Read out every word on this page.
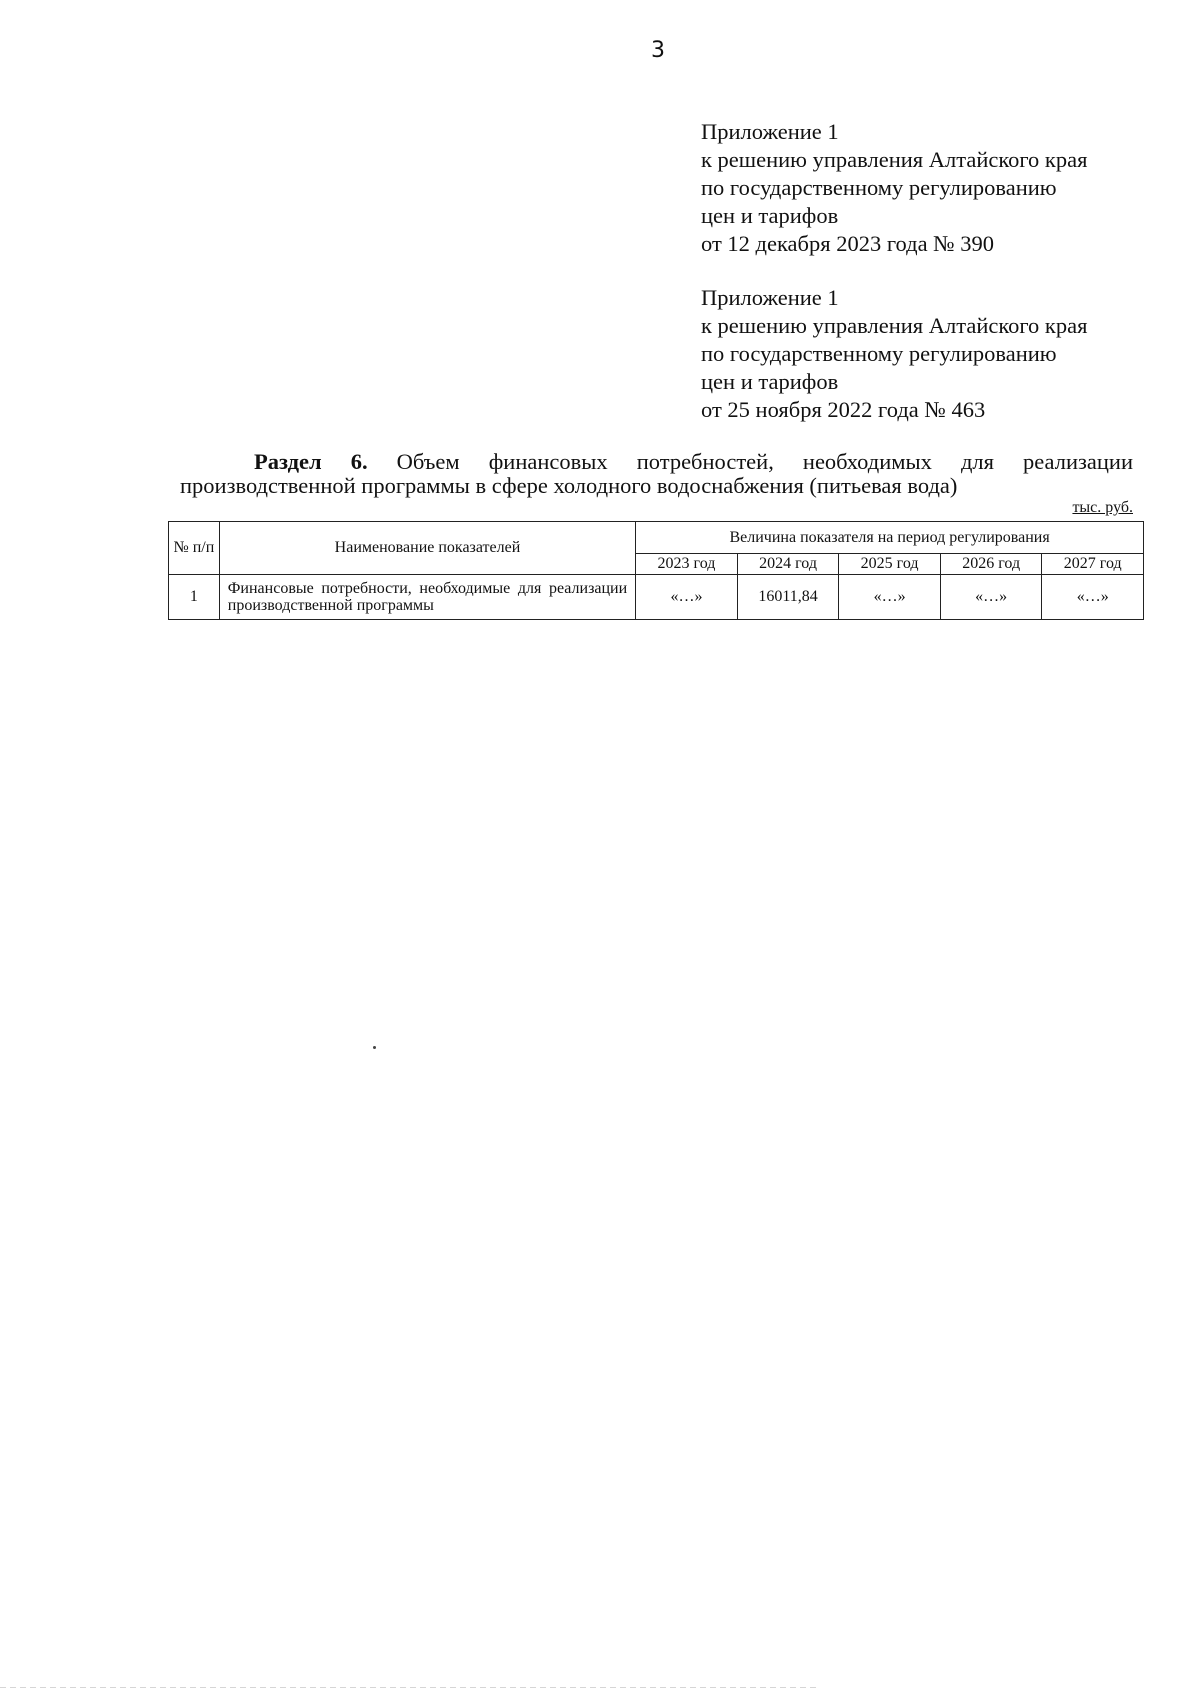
3
Приложение 1
к решению управления Алтайского края
по государственному регулированию
цен и тарифов
от 12 декабря 2023 года № 390
Приложение 1
к решению управления Алтайского края
по государственному регулированию
цен и тарифов
от 25 ноября 2022 года № 463
Раздел 6. Объем финансовых потребностей, необходимых для реализации
производственной программы в сфере холодного водоснабжения (питьевая вода)
тыс. руб.
№ п/п	Наименование показателей	Величина показателя на период регулирования				
		2023 год	2024 год	2025 год	2026 год	2027 год
1	Финансовые потребности, необходимые для реализации производственной программы	«…»	16011,84	«…»	«…»	«…»
